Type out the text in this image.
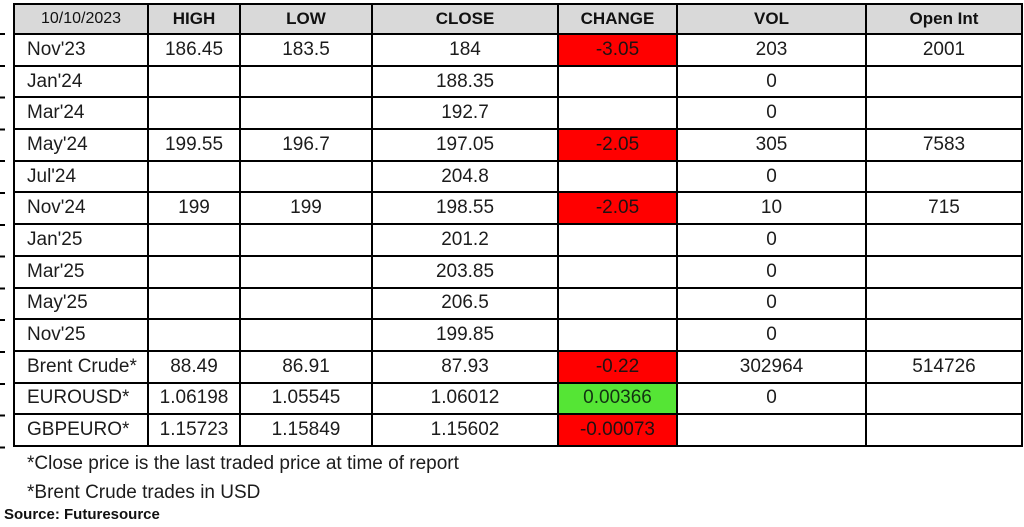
10/10/2023	HIGH	LOW	CLOSE	CHANGE	VOL	Open Int
Nov'23	186.45	183.5	184	-3.05	203	2001
Jan'24			188.35		0	
Mar'24			192.7		0	
May'24	199.55	196.7	197.05	-2.05	305	7583
Jul'24			204.8		0	
Nov'24	199	199	198.55	-2.05	10	715
Jan'25			201.2		0	
Mar'25			203.85		0	
May'25			206.5		0	
Nov'25			199.85		0	
Brent Crude*	88.49	86.91	87.93	-0.22	302964	514726
EUROUSD*	1.06198	1.05545	1.06012	0.00366	0	
GBPEURO*	1.15723	1.15849	1.15602	-0.00073		
*Close price is the last traded price at time of report
*Brent Crude trades in USD
Source: Futuresource
